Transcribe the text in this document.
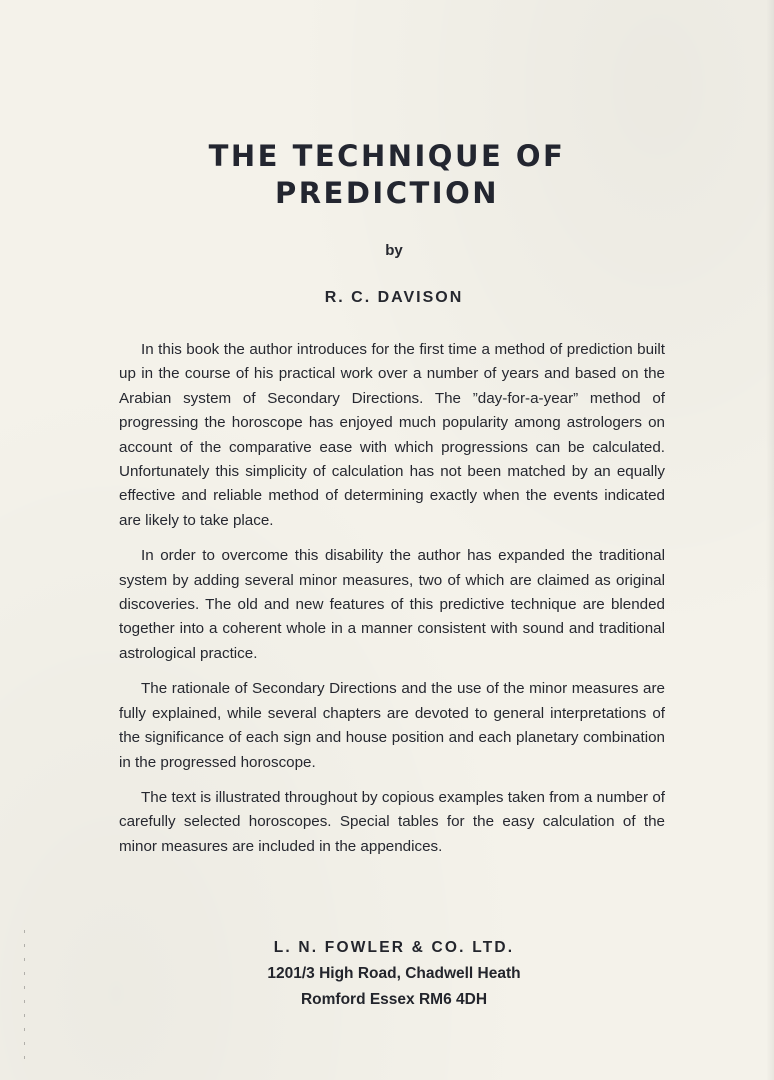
THE TECHNIQUE OF
PREDICTION
by
R. C. DAVISON

In this book the author introduces for the first time a method of prediction built up in the course of his practical work over a number of years and based on the Arabian system of Secondary Directions. The ”day-for-a-year” method of progressing the horoscope has enjoyed much popularity among astrologers on account of the comparative ease with which progressions can be calculated. Unfortunately this simplicity of calculation has not been matched by an equally effective and reliable method of determining exactly when the events indicated are likely to take place.

In order to overcome this disability the author has expanded the traditional system by adding several minor measures, two of which are claimed as original discoveries. The old and new features of this predictive technique are blended together into a coherent whole in a manner consistent with sound and traditional astrological practice.

The rationale of Secondary Directions and the use of the minor measures are fully explained, while several chapters are devoted to general interpretations of the significance of each sign and house position and each planetary combination in the progressed horoscope.

The text is illustrated throughout by copious examples taken from a number of carefully selected horoscopes. Special tables for the easy calculation of the minor measures are included in the appendices.

L. N. FOWLER & CO. LTD.
1201/3 High Road, Chadwell Heath
Romford Essex RM6 4DH
